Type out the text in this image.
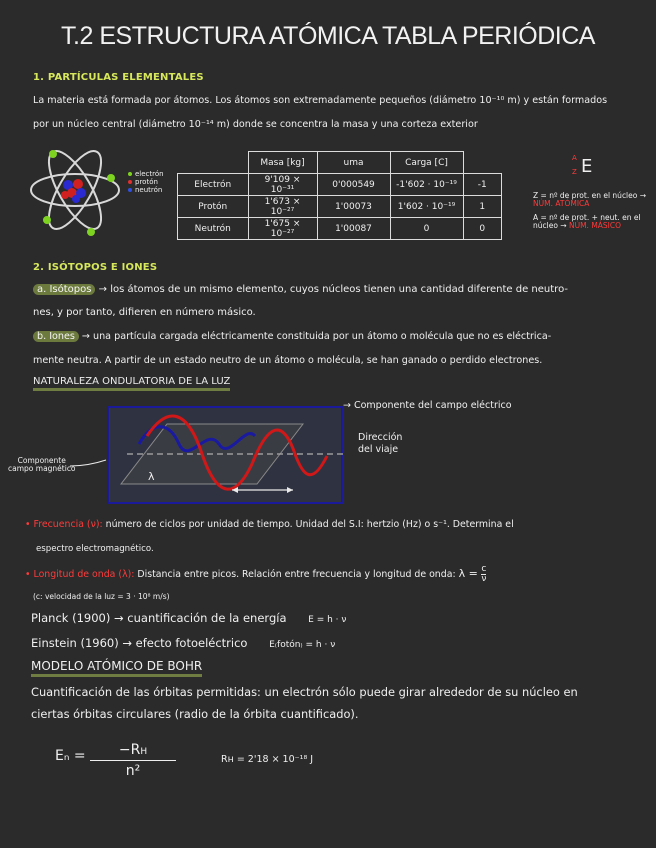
T.2 ESTRUCTURA ATÓMICA TABLA PERIÓDICA
1. PARTÍCULAS ELEMENTALES
La materia está formada por átomos. Los átomos son extremadamente pequeños (diámetro 10⁻¹⁰ m) y están formados
por un núcleo central (diámetro 10⁻¹⁴ m) donde se concentra la masa y una corteza exterior
electrón
protón
neutrón
	Masa [kg]	uma	Carga [C]	
Electrón	9'109 × 10⁻³¹	0'000549	-1'602 · 10⁻¹⁹	-1
Protón	1'673 × 10⁻²⁷	1'00073	1'602 · 10⁻¹⁹	1
Neutrón	1'675 × 10⁻²⁷	1'00087	0	0
A
Z E
Z = nº de prot. en el núcleo → NÚM. ATÓMICA
A = nº de prot. + neut. en el núcleo → NÚM. MÁSICO
2. ISÓTOPOS E IONES
a. Isótopos → los átomos de un mismo elemento, cuyos núcleos tienen una cantidad diferente de neutro-
nes, y por tanto, difieren en número másico.
b. Iones → una partícula cargada eléctricamente constituida por un átomo o molécula que no es eléctrica-
mente neutra. A partir de un estado neutro de un átomo o molécula, se han ganado o perdido electrones.
NATURALEZA ONDULATORIA DE LA LUZ
λ
→ Componente del campo eléctrico
Dirección
del viaje
Componente
campo magnético
• Frecuencia (ν): número de ciclos por unidad de tiempo. Unidad del S.I: hertzio (Hz) o s⁻¹. Determina el
espectro electromagnético.
• Longitud de onda (λ): Distancia entre picos. Relación entre frecuencia y longitud de onda: $\lambda = \frac{c}{\nu}$
(c: velocidad de la luz = 3 · 10⁸ m/s)
Planck (1900) → cuantificación de la energía E = h · ν
Einstein (1960) → efecto fotoeléctrico E₍fotón₎ = h · ν
MODELO ATÓMICO DE BOHR
Cuantificación de las órbitas permitidas: un electrón sólo puede girar alrededor de su núcleo en
ciertas órbitas circulares (radio de la órbita cuantificado).
$E_n = \frac{-RH}{\text{n²}}$	Rʜ = 2'18 × 10⁻¹⁸ J
